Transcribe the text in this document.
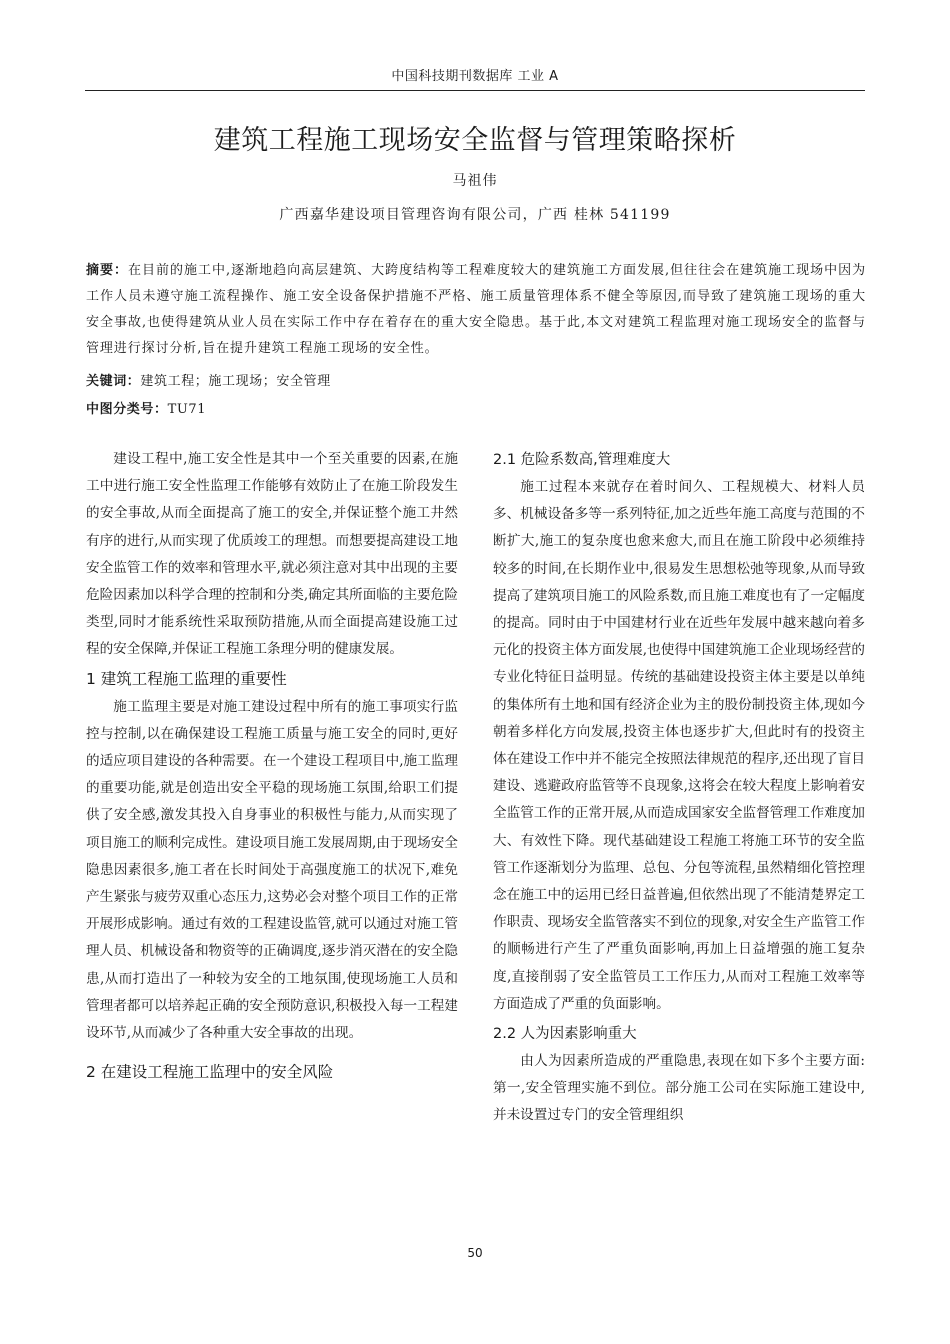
中国科技期刊数据库 工业 A
建筑工程施工现场安全监督与管理策略探析
马祖伟
广西嘉华建设项目管理咨询有限公司，广西 桂林 541199

摘要：在目前的施工中,逐渐地趋向高层建筑、大跨度结构等工程难度较大的建筑施工方面发展,但往往会在建筑施工现场中因为工作人员未遵守施工流程操作、施工安全设备保护措施不严格、施工质量管理体系不健全等原因,而导致了建筑施工现场的重大安全事故,也使得建筑从业人员在实际工作中存在着存在的重大安全隐患。基于此,本文对建筑工程监理对施工现场安全的监督与管理进行探讨分析,旨在提升建筑工程施工现场的安全性。

关键词：建筑工程；施工现场；安全管理
中图分类号：TU71

建设工程中,施工安全性是其中一个至关重要的因素,在施工中进行施工安全性监理工作能够有效防止了在施工阶段发生的安全事故,从而全面提高了施工的安全,并保证整个施工井然有序的进行,从而实现了优质竣工的理想。而想要提高建设工地安全监管工作的效率和管理水平,就必须注意对其中出现的主要危险因素加以科学合理的控制和分类,确定其所面临的主要危险类型,同时才能系统性采取预防措施,从而全面提高建设施工过程的安全保障,并保证工程施工条理分明的健康发展。

1 建筑工程施工监理的重要性

施工监理主要是对施工建设过程中所有的施工事项实行监控与控制,以在确保建设工程施工质量与施工安全的同时,更好的适应项目建设的各种需要。在一个建设工程项目中,施工监理的重要功能,就是创造出安全平稳的现场施工氛围,给职工们提供了安全感,激发其投入自身事业的积极性与能力,从而实现了项目施工的顺利完成性。建设项目施工发展周期,由于现场安全隐患因素很多,施工者在长时间处于高强度施工的状况下,难免产生紧张与疲劳双重心态压力,这势必会对整个项目工作的正常开展形成影响。通过有效的工程建设监管,就可以通过对施工管理人员、机械设备和物资等的正确调度,逐步消灭潜在的安全隐患,从而打造出了一种较为安全的工地氛围,使现场施工人员和管理者都可以培养起正确的安全预防意识,积极投入每一工程建设环节,从而减少了各种重大安全事故的出现。

2 在建设工程施工监理中的安全风险

2.1 危险系数高,管理难度大

施工过程本来就存在着时间久、工程规模大、材料人员多、机械设备多等一系列特征,加之近些年施工高度与范围的不断扩大,施工的复杂度也愈来愈大,而且在施工阶段中必须维持较多的时间,在长期作业中,很易发生思想松弛等现象,从而导致提高了建筑项目施工的风险系数,而且施工难度也有了一定幅度的提高。同时由于中国建材行业在近些年发展中越来越向着多元化的投资主体方面发展,也使得中国建筑施工企业现场经营的专业化特征日益明显。传统的基础建设投资主体主要是以单纯的集体所有土地和国有经济企业为主的股份制投资主体,现如今朝着多样化方向发展,投资主体也逐步扩大,但此时有的投资主体在建设工作中并不能完全按照法律规范的程序,还出现了盲目建设、逃避政府监管等不良现象,这将会在较大程度上影响着安全监管工作的正常开展,从而造成国家安全监督管理工作难度加大、有效性下降。现代基础建设工程施工将施工环节的安全监管工作逐渐划分为监理、总包、分包等流程,虽然精细化管控理念在施工中的运用已经日益普遍,但依然出现了不能清楚界定工作职责、现场安全监管落实不到位的现象,对安全生产监管工作的顺畅进行产生了严重负面影响,再加上日益增强的施工复杂度,直接削弱了安全监管员工工作压力,从而对工程施工效率等方面造成了严重的负面影响。

2.2 人为因素影响重大

由人为因素所造成的严重隐患,表现在如下多个主要方面:第一,安全管理实施不到位。部分施工公司在实际施工建设中,并未设置过专门的安全管理组织

50
